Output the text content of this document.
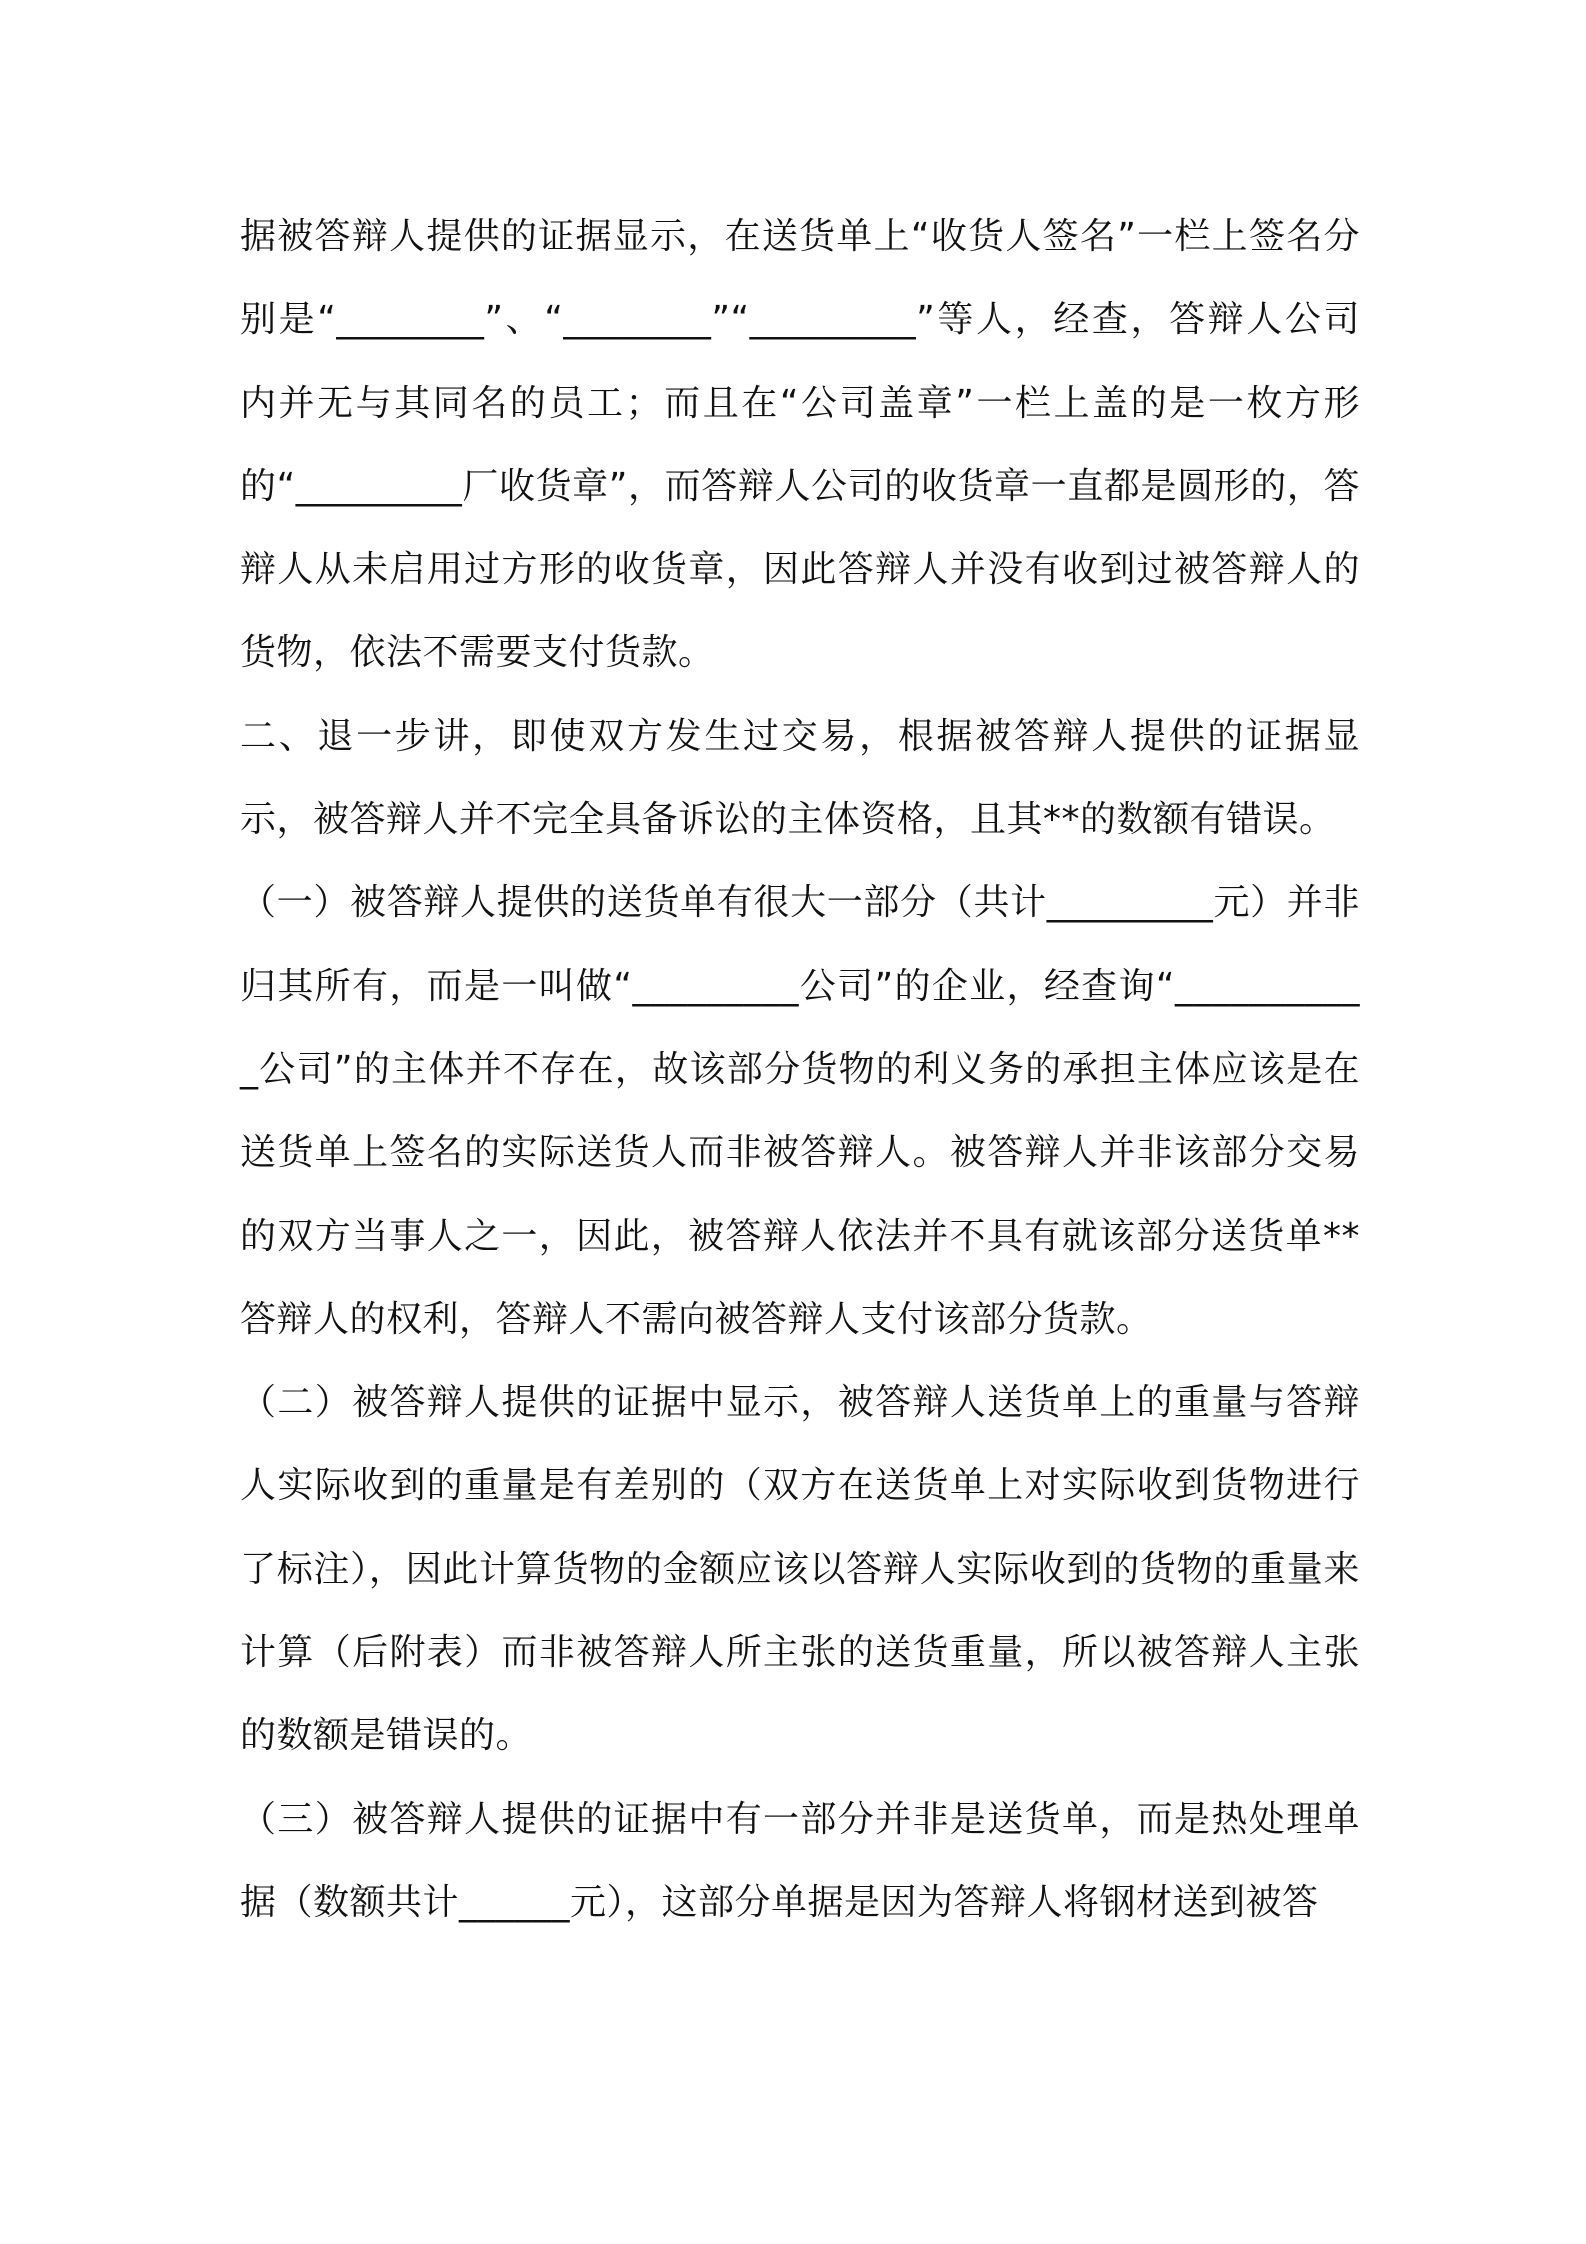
据被答辩人提供的证据显示，在送货单上“收货人签名”一栏上签名分别是“________”、“________”“_________”等人，经查，答辩人公司内并无与其同名的员工；而且在“公司盖章”一栏上盖的是一枚方形的“_________厂收货章”，而答辩人公司的收货章一直都是圆形的，答辩人从未启用过方形的收货章，因此答辩人并没有收到过被答辩人的货物，依法不需要支付货款。

二、退一步讲，即使双方发生过交易，根据被答辩人提供的证据显示，被答辩人并不完全具备诉讼的主体资格，且其**的数额有错误。

（一）被答辩人提供的送货单有很大一部分（共计_________元）并非归其所有，而是一叫做“_________公司”的企业，经查询“___________公司”的主体并不存在，故该部分货物的利义务的承担主体应该是在送货单上签名的实际送货人而非被答辩人。被答辩人并非该部分交易的双方当事人之一，因此，被答辩人依法并不具有就该部分送货单**答辩人的权利，答辩人不需向被答辩人支付该部分货款。

（二）被答辩人提供的证据中显示，被答辩人送货单上的重量与答辩人实际收到的重量是有差别的（双方在送货单上对实际收到货物进行了标注），因此计算货物的金额应该以答辩人实际收到的货物的重量来计算（后附表）而非被答辩人所主张的送货重量，所以被答辩人主张的数额是错误的。

（三）被答辩人提供的证据中有一部分并非是送货单，而是热处理单据（数额共计______元），这部分单据是因为答辩人将钢材送到被答
